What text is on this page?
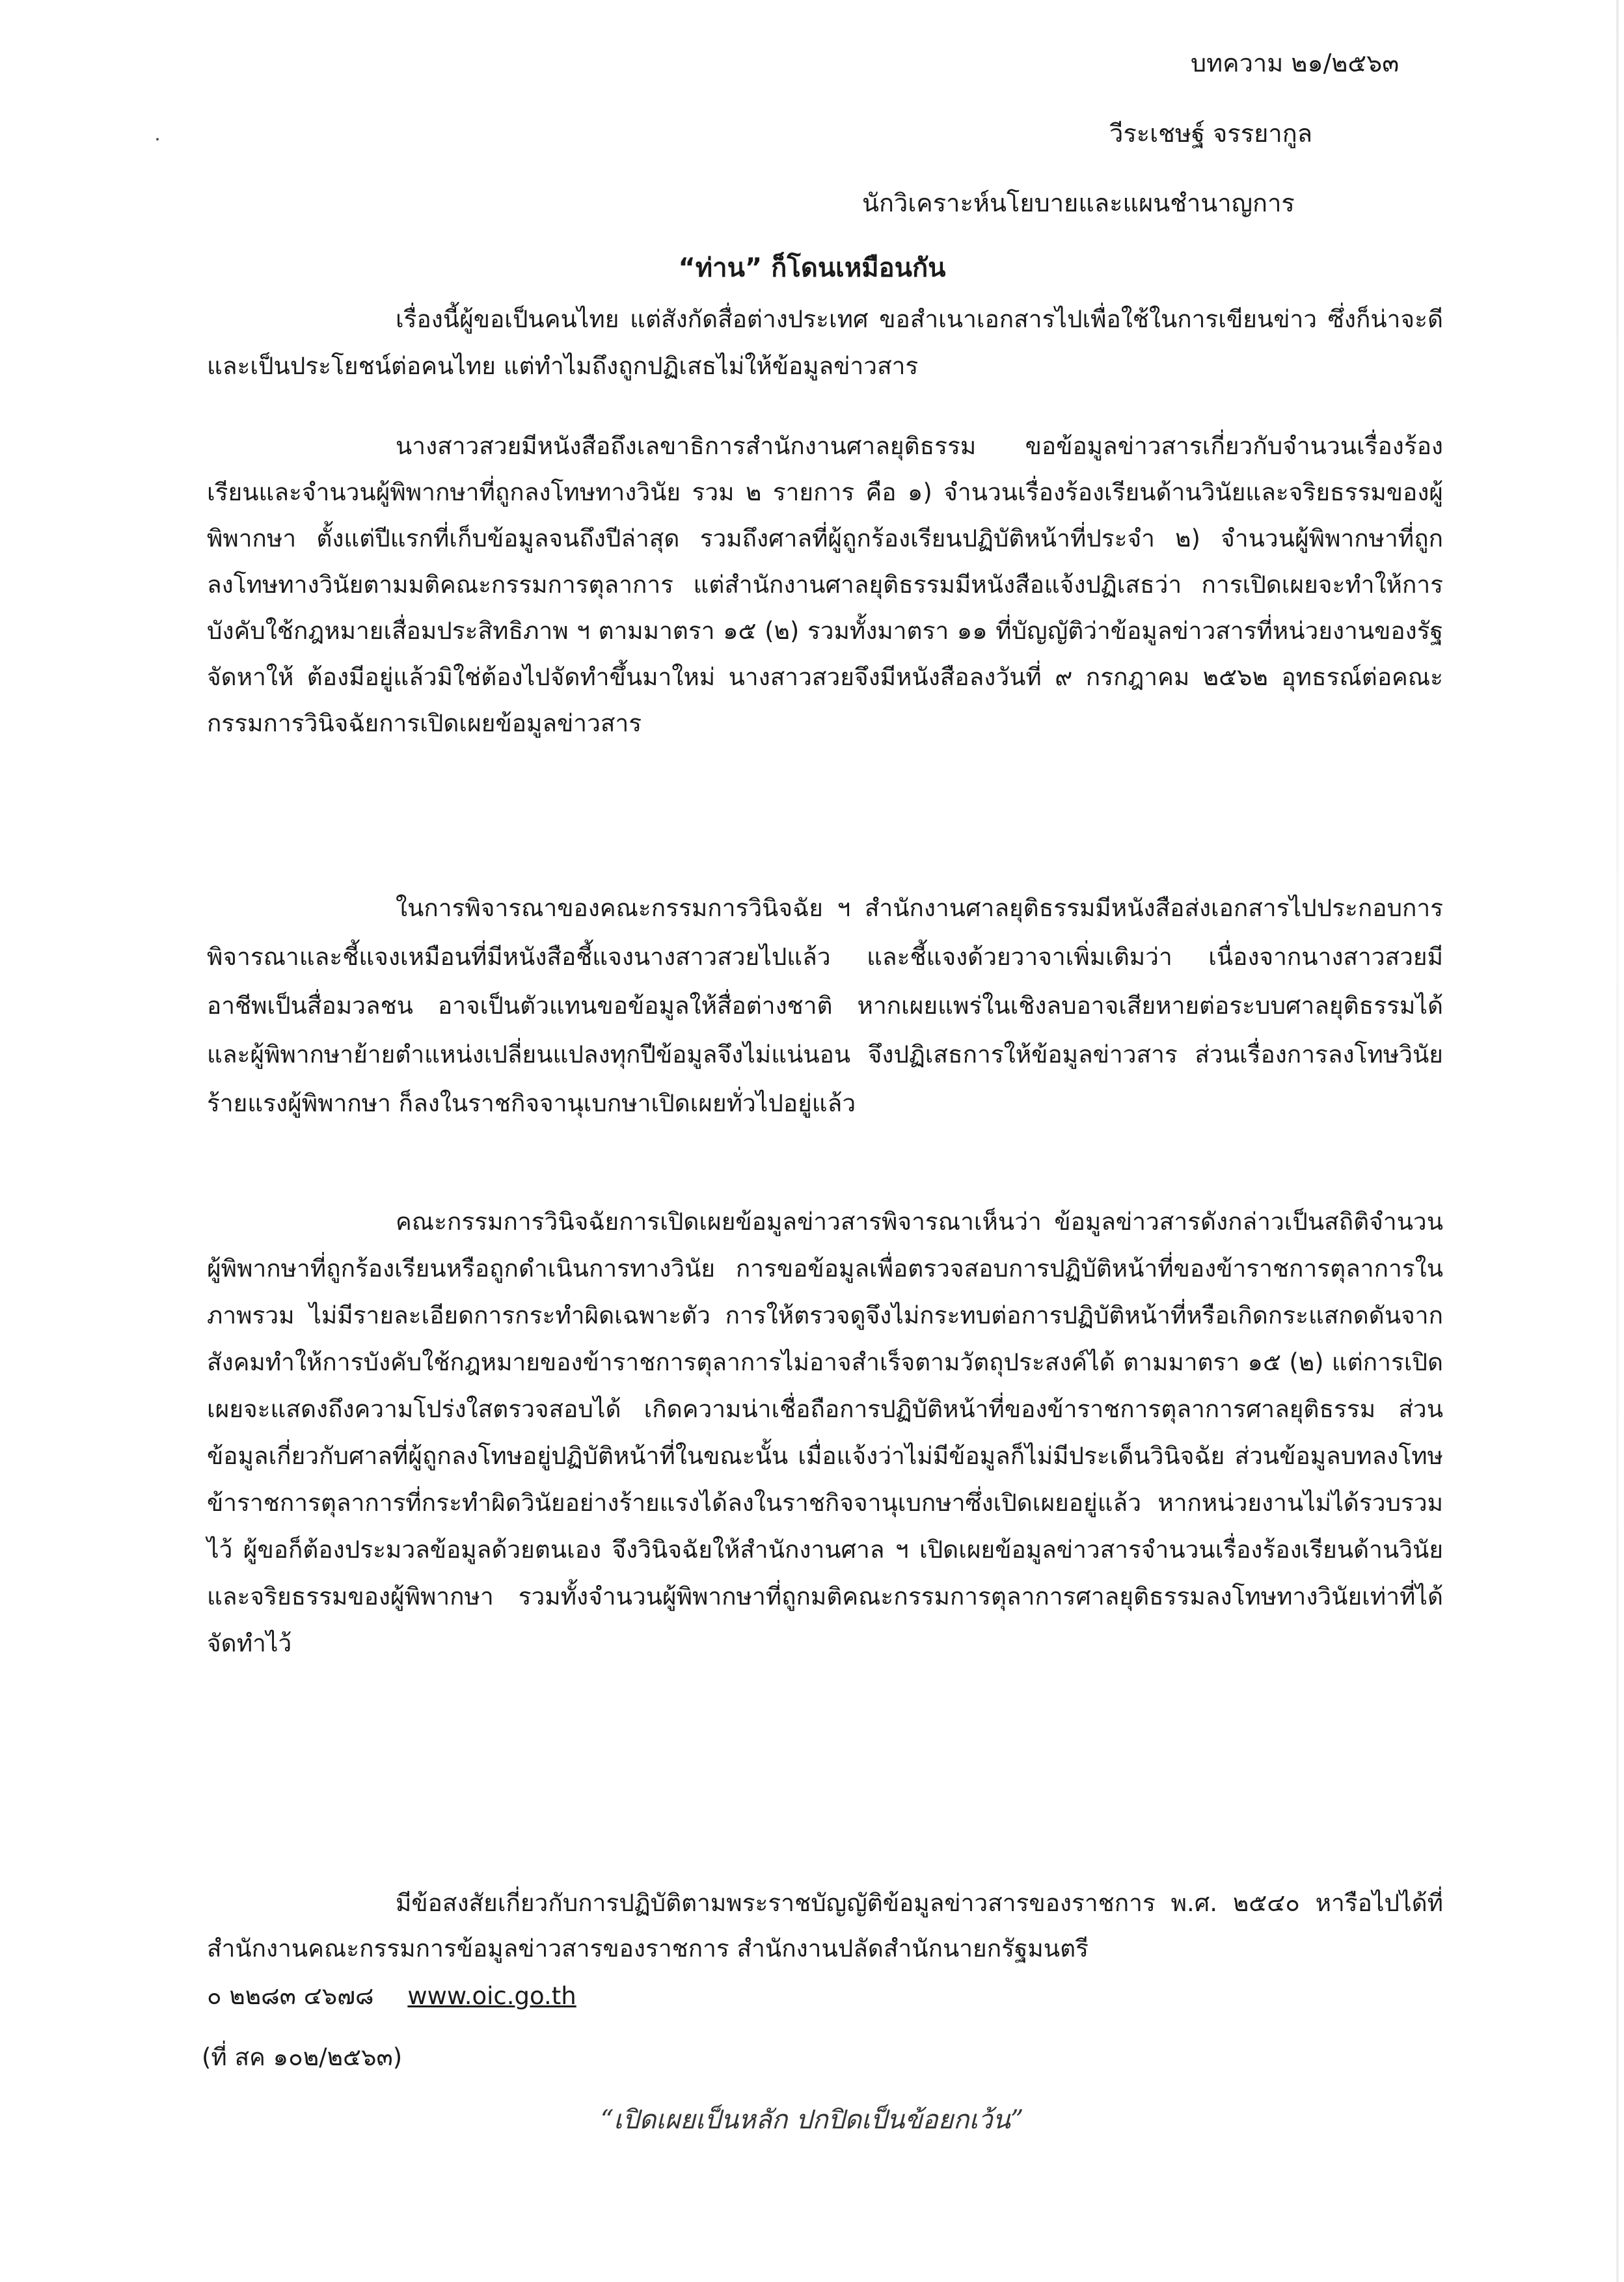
บทความ ๒๑/๒๕๖๓
วีระเชษฐ์ จรรยากูล
นักวิเคราะห์นโยบายและแผนชำนาญการ
“ท่าน” ก็โดนเหมือนกัน

เรื่องนี้ผู้ขอเป็นคนไทย แต่สังกัดสื่อต่างประเทศ ขอสำเนาเอกสารไปเพื่อใช้ในการเขียนข่าว ซึ่งก็น่าจะดี และเป็นประโยชน์ต่อคนไทย แต่ทำไมถึงถูกปฏิเสธไม่ให้ข้อมูลข่าวสาร

นางสาวสวยมีหนังสือถึงเลขาธิการสำนักงานศาลยุติธรรม ขอข้อมูลข่าวสารเกี่ยวกับจำนวนเรื่องร้องเรียนและจำนวนผู้พิพากษาที่ถูกลงโทษทางวินัย รวม ๒ รายการ คือ ๑) จำนวนเรื่องร้องเรียนด้านวินัยและจริยธรรมของผู้พิพากษา ตั้งแต่ปีแรกที่เก็บข้อมูลจนถึงปีล่าสุด รวมถึงศาลที่ผู้ถูกร้องเรียนปฏิบัติหน้าที่ประจำ ๒) จำนวนผู้พิพากษาที่ถูกลงโทษทางวินัยตามมติคณะกรรมการตุลาการ แต่สำนักงานศาลยุติธรรมมีหนังสือแจ้งปฏิเสธว่า การเปิดเผยจะทำให้การบังคับใช้กฎหมายเสื่อมประสิทธิภาพ ฯ ตามมาตรา ๑๕ (๒) รวมทั้งมาตรา ๑๑ ที่บัญญัติว่าข้อมูลข่าวสารที่หน่วยงานของรัฐจัดหาให้ ต้องมีอยู่แล้วมิใช่ต้องไปจัดทำขึ้นมาใหม่ นางสาวสวยจึงมีหนังสือลงวันที่ ๙ กรกฎาคม ๒๕๖๒ อุทธรณ์ต่อคณะกรรมการวินิจฉัยการเปิดเผยข้อมูลข่าวสาร

ในการพิจารณาของคณะกรรมการวินิจฉัย ฯ สำนักงานศาลยุติธรรมมีหนังสือส่งเอกสารไปประกอบการพิจารณาและชี้แจงเหมือนที่มีหนังสือชี้แจงนางสาวสวยไปแล้ว และชี้แจงด้วยวาจาเพิ่มเติมว่า เนื่องจากนางสาวสวยมีอาชีพเป็นสื่อมวลชน อาจเป็นตัวแทนขอข้อมูลให้สื่อต่างชาติ หากเผยแพร่ในเชิงลบอาจเสียหายต่อระบบศาลยุติธรรมได้ และผู้พิพากษาย้ายตำแหน่งเปลี่ยนแปลงทุกปีข้อมูลจึงไม่แน่นอน จึงปฏิเสธการให้ข้อมูลข่าวสาร ส่วนเรื่องการลงโทษวินัยร้ายแรงผู้พิพากษา ก็ลงในราชกิจจานุเบกษาเปิดเผยทั่วไปอยู่แล้ว

คณะกรรมการวินิจฉัยการเปิดเผยข้อมูลข่าวสารพิจารณาเห็นว่า ข้อมูลข่าวสารดังกล่าวเป็นสถิติจำนวนผู้พิพากษาที่ถูกร้องเรียนหรือถูกดำเนินการทางวินัย การขอข้อมูลเพื่อตรวจสอบการปฏิบัติหน้าที่ของข้าราชการตุลาการในภาพรวม ไม่มีรายละเอียดการกระทำผิดเฉพาะตัว การให้ตรวจดูจึงไม่กระทบต่อการปฏิบัติหน้าที่หรือเกิดกระแสกดดันจากสังคมทำให้การบังคับใช้กฎหมายของข้าราชการตุลาการไม่อาจสำเร็จตามวัตถุประสงค์ได้ ตามมาตรา ๑๕ (๒) แต่การเปิดเผยจะแสดงถึงความโปร่งใสตรวจสอบได้ เกิดความน่าเชื่อถือการปฏิบัติหน้าที่ของข้าราชการตุลาการศาลยุติธรรม ส่วนข้อมูลเกี่ยวกับศาลที่ผู้ถูกลงโทษอยู่ปฏิบัติหน้าที่ในขณะนั้น เมื่อแจ้งว่าไม่มีข้อมูลก็ไม่มีประเด็นวินิจฉัย ส่วนข้อมูลบทลงโทษข้าราชการตุลาการที่กระทำผิดวินัยอย่างร้ายแรงได้ลงในราชกิจจานุเบกษาซึ่งเปิดเผยอยู่แล้ว หากหน่วยงานไม่ได้รวบรวมไว้ ผู้ขอก็ต้องประมวลข้อมูลด้วยตนเอง จึงวินิจฉัยให้สำนักงานศาล ฯ เปิดเผยข้อมูลข่าวสารจำนวนเรื่องร้องเรียนด้านวินัยและจริยธรรมของผู้พิพากษา รวมทั้งจำนวนผู้พิพากษาที่ถูกมติคณะกรรมการตุลาการศาลยุติธรรมลงโทษทางวินัยเท่าที่ได้จัดทำไว้

มีข้อสงสัยเกี่ยวกับการปฏิบัติตามพระราชบัญญัติข้อมูลข่าวสารของราชการ พ.ศ. ๒๕๔๐ หารือไปได้ที่สำนักงานคณะกรรมการข้อมูลข่าวสารของราชการ สำนักงานปลัดสำนักนายกรัฐมนตรี

๐ ๒๒๘๓ ๔๖๗๘ www.oic.go.th
(ที่ สค ๑๐๒/๒๕๖๓)
“เปิดเผยเป็นหลัก ปกปิดเป็นข้อยกเว้น”
